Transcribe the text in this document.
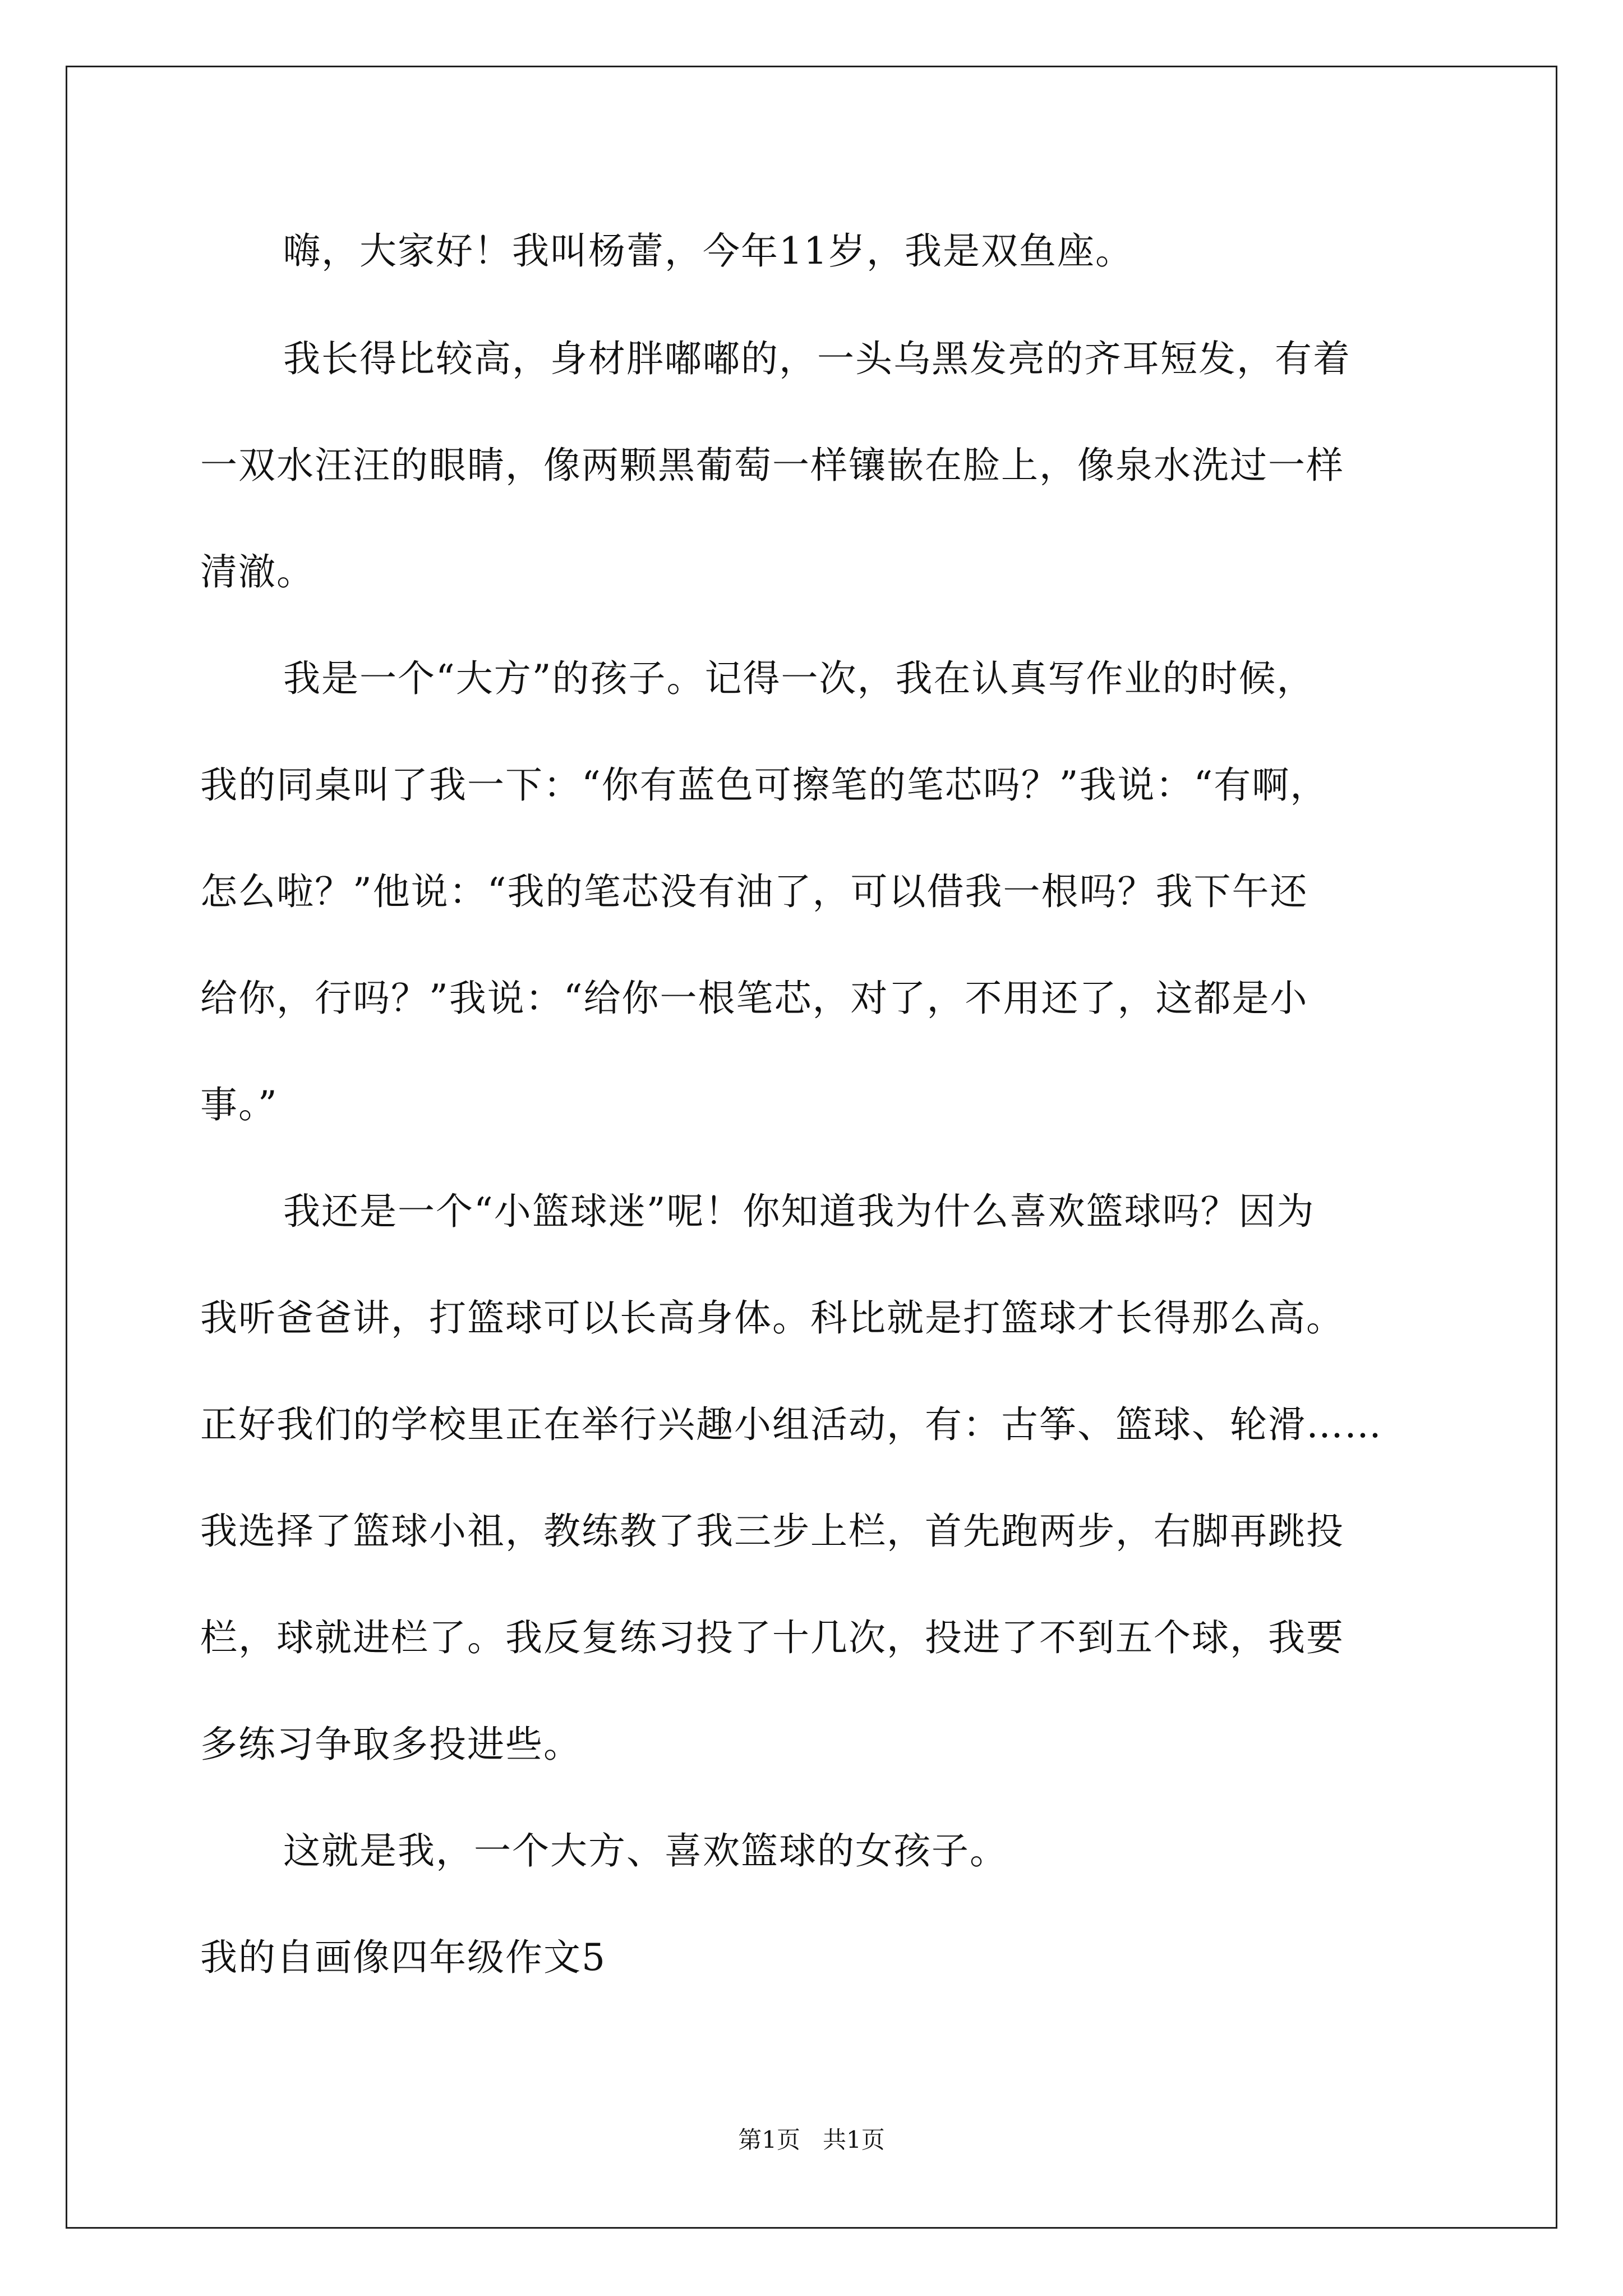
嗨，大家好！我叫杨蕾，今年11岁，我是双鱼座。
我长得比较高，身材胖嘟嘟的，一头乌黑发亮的齐耳短发，有着
一双水汪汪的眼睛，像两颗黑葡萄一样镶嵌在脸上，像泉水洗过一样
清澈。
我是一个“大方”的孩子。记得一次，我在认真写作业的时候，
我的同桌叫了我一下：“你有蓝色可擦笔的笔芯吗？”我说：“有啊，
怎么啦？”他说：“我的笔芯没有油了，可以借我一根吗？我下午还
给你，行吗？”我说：“给你一根笔芯，对了，不用还了，这都是小
事。”
我还是一个“小篮球迷”呢！你知道我为什么喜欢篮球吗？因为
我听爸爸讲，打篮球可以长高身体。科比就是打篮球才长得那么高。
正好我们的学校里正在举行兴趣小组活动，有：古筝、篮球、轮滑……
我选择了篮球小祖，教练教了我三步上栏，首先跑两步，右脚再跳投
栏，球就进栏了。我反复练习投了十几次，投进了不到五个球，我要
多练习争取多投进些。
这就是我，一个大方、喜欢篮球的女孩子。
我的自画像四年级作文5
第1页   共1页
